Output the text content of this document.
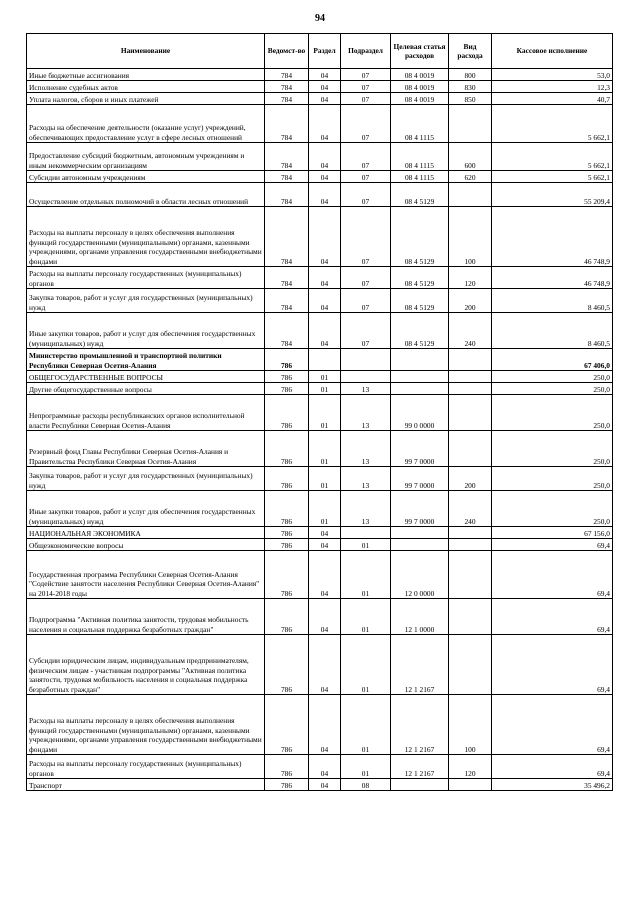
94
Наименование	Ведомст-во	Раздел	Подраздел	Целевая статья расходов	Вид расхода	Кассовое исполнение
Иные бюджетные ассигнования	784	04	07	08 4 0019	800	53,0
Исполнение судебных актов	784	04	07	08 4 0019	830	12,3
Уплата налогов, сборов и иных платежей	784	04	07	08 4 0019	850	40,7
Расходы на обеспечение деятельности (оказание услуг) учреждений, обеспечивающих предоставление услуг в сфере лесных отношений	784	04	07	08 4 1115		5 662,1
Предоставление субсидий бюджетным, автономным учреждениям и иным некоммерческим организациям	784	04	07	08 4 1115	600	5 662,1
Субсидии автономным учреждениям	784	04	07	08 4 1115	620	5 662,1
Осуществление отдельных полномочий в области лесных отношений	784	04	07	08 4 5129		55 209,4
Расходы на выплаты персоналу в целях обеспечения выполнения функций государственными (муниципальными) органами, казенными учреждениями, органами управления государственными внебюджетными фондами	784	04	07	08 4 5129	100	46 748,9
Расходы на выплаты персоналу государственных (муниципальных) органов	784	04	07	08 4 5129	120	46 748,9
Закупка товаров, работ и услуг для государственных (муниципальных) нужд	784	04	07	08 4 5129	200	8 460,5
Иные закупки товаров, работ и услуг для обеспечения государственных (муниципальных) нужд	784	04	07	08 4 5129	240	8 460,5
Министерство промышленной и транспортной политики Республики Северная Осетия-Алания	786					67 406,0
ОБЩЕГОСУДАРСТВЕННЫЕ ВОПРОСЫ	786	01				250,0
Другие общегосударственные вопросы	786	01	13			250,0
Непрограммные расходы республиканских органов исполнительной власти Республики Северная Осетия-Алания	786	01	13	99 0 0000		250,0
Резервный фонд Главы Республики Северная Осетия-Алания и Правительства Республики Северная Осетия-Алания	786	01	13	99 7 0000		250,0
Закупка товаров, работ и услуг для государственных (муниципальных) нужд	786	01	13	99 7 0000	200	250,0
Иные закупки товаров, работ и услуг для обеспечения государственных (муниципальных) нужд	786	01	13	99 7 0000	240	250,0
НАЦИОНАЛЬНАЯ ЭКОНОМИКА	786	04				67 156,0
Общеэкономические вопросы	786	04	01			69,4
Государственная программа Республики Северная Осетия-Алания "Содействие занятости населения Республики Северная Осетия-Алания" на 2014-2018 годы	786	04	01	12 0 0000		69,4
Подпрограмма "Активная политика занятости, трудовая мобильность населения и социальная поддержка безработных граждан"	786	04	01	12 1 0000		69,4
Субсидии юридическим лицам, индивидуальным предпринимателям, физическим лицам - участникам подпрограммы "Активная политика занятости, трудовая мобильность населения и социальная поддержка безработных граждан"	786	04	01	12 1 2167		69,4
Расходы на выплаты персоналу в целях обеспечения выполнения функций государственными (муниципальными) органами, казенными учреждениями, органами управления государственными внебюджетными фондами	786	04	01	12 1 2167	100	69,4
Расходы на выплаты персоналу государственных (муниципальных) органов	786	04	01	12 1 2167	120	69,4
Транспорт	786	04	08			35 496,2
